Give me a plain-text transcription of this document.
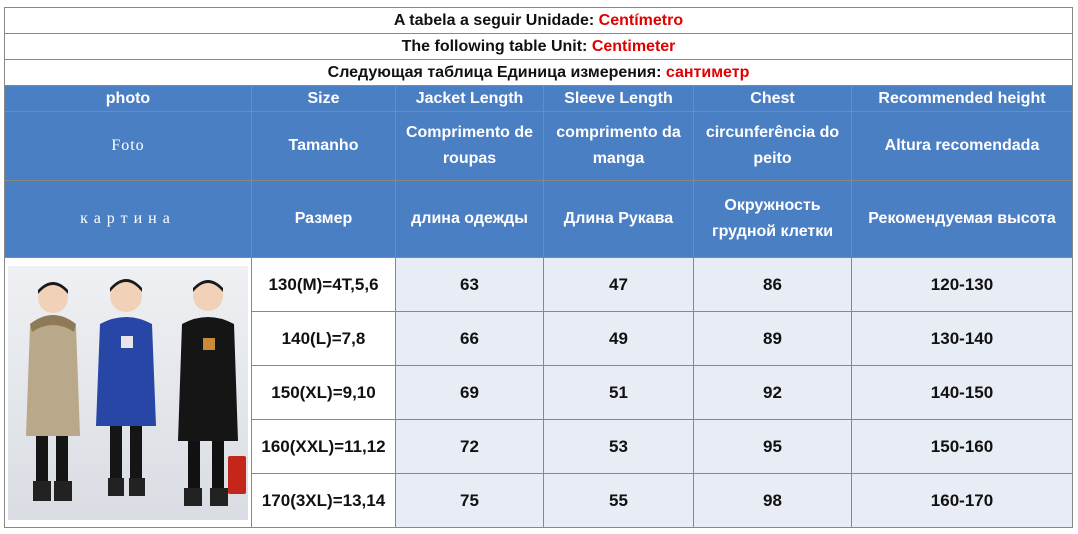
A tabela a seguir Unidade: Centímetro					
The following table Unit: Centimeter					
Следующая таблица Единица измерения: сантиметр					
photo	Size	Jacket Length	Sleeve Length	Chest	Recommended height
Foto	Tamanho	Comprimento de roupas	comprimento da manga	circunferência do peito	Altura recomendada
картина	Размер	длина одежды	Длина Рукава	Окружность грудной клетки	Рекомендуемая высота

	130(M)=4T,5,6	63	47	86	120-130
	140(L)=7,8	66	49	89	130-140
	150(XL)=9,10	69	51	92	140-150
	160(XXL)=11,12	72	53	95	150-160
	170(3XL)=13,14	75	55	98	160-170
